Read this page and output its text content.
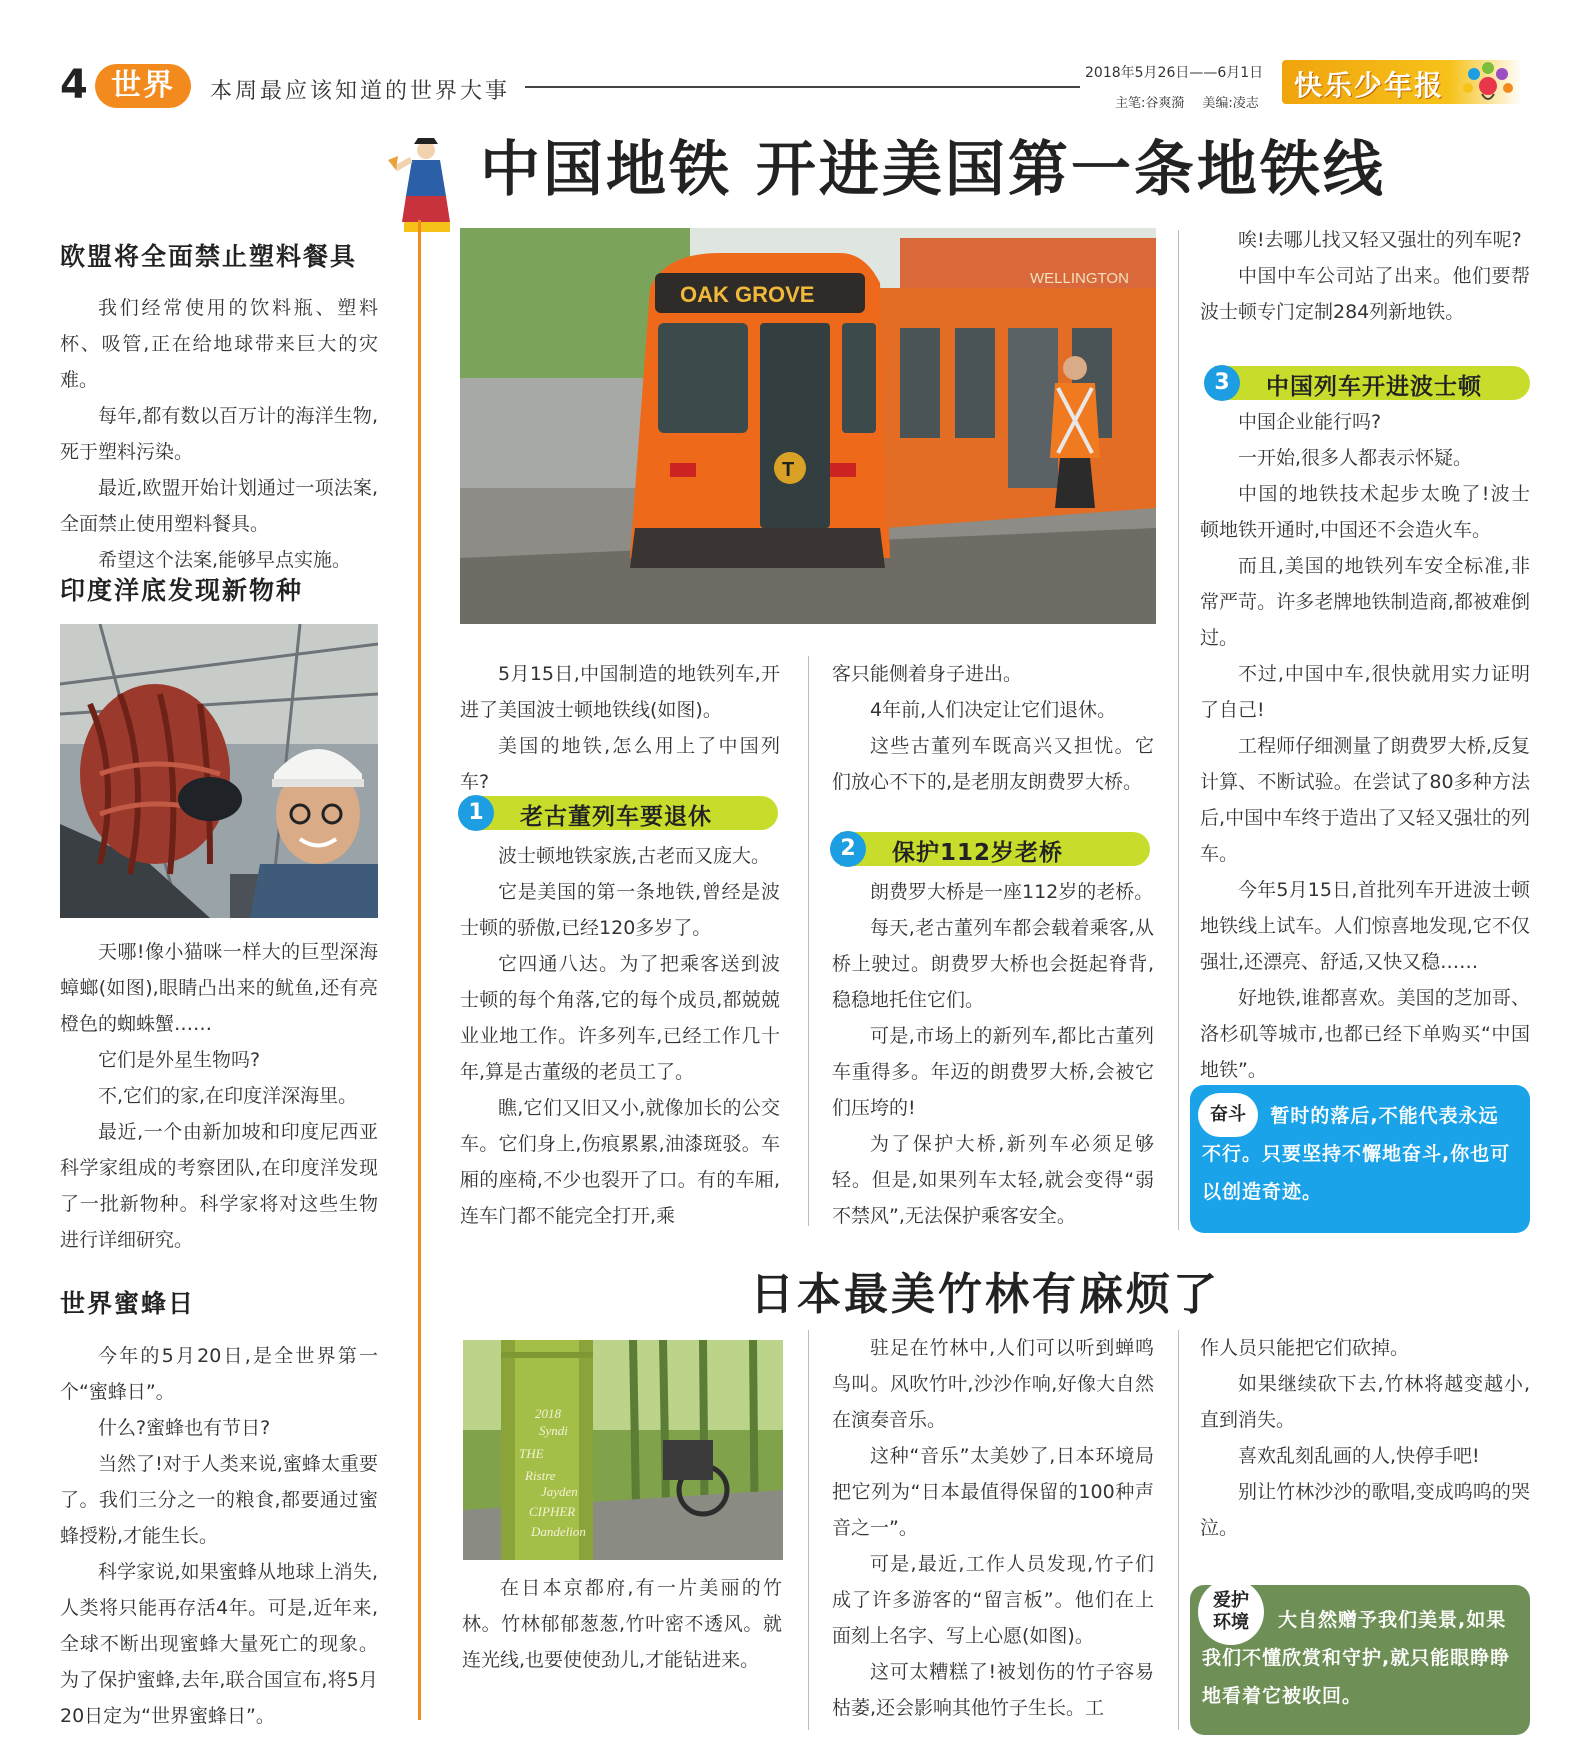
4 世界	本周最应该知道的世界大事
2018年5月26日——6月1日
主笔:谷爽漪 美编:凌志
快乐少年报
欧盟将全面禁止塑料餐具

我们经常使用的饮料瓶、塑料杯、吸管,正在给地球带来巨大的灾难。

每年,都有数以百万计的海洋生物,死于塑料污染。

最近,欧盟开始计划通过一项法案,全面禁止使用塑料餐具。

希望这个法案,能够早点实施。

印度洋底发现新物种

天哪!像小猫咪一样大的巨型深海蟑螂(如图),眼睛凸出来的鱿鱼,还有亮橙色的蜘蛛蟹……

它们是外星生物吗?

不,它们的家,在印度洋深海里。

最近,一个由新加坡和印度尼西亚科学家组成的考察团队,在印度洋发现了一批新物种。科学家将对这些生物进行详细研究。

世界蜜蜂日

今年的5月20日,是全世界第一个“蜜蜂日”。

什么?蜜蜂也有节日?

当然了!对于人类来说,蜜蜂太重要了。我们三分之一的粮食,都要通过蜜蜂授粉,才能生长。

科学家说,如果蜜蜂从地球上消失,人类将只能再存活4年。可是,近年来,全球不断出现蜜蜂大量死亡的现象。为了保护蜜蜂,去年,联合国宣布,将5月20日定为“世界蜜蜂日”。

中国地铁 开进美国第一条地铁线
WELLINGTON
OAK GROVE
T

5月15日,中国制造的地铁列车,开进了美国波士顿地铁线(如图)。

美国的地铁,怎么用上了中国列车?

1	老古董列车要退休

波士顿地铁家族,古老而又庞大。

它是美国的第一条地铁,曾经是波士顿的骄傲,已经120多岁了。

它四通八达。为了把乘客送到波士顿的每个角落,它的每个成员,都兢兢业业地工作。许多列车,已经工作几十年,算是古董级的老员工了。

瞧,它们又旧又小,就像加长的公交车。它们身上,伤痕累累,油漆斑驳。车厢的座椅,不少也裂开了口。有的车厢,连车门都不能完全打开,乘

客只能侧着身子进出。

4年前,人们决定让它们退休。

这些古董列车既高兴又担忧。它们放心不下的,是老朋友朗费罗大桥。

2	保护112岁老桥

朗费罗大桥是一座112岁的老桥。

每天,老古董列车都会载着乘客,从桥上驶过。朗费罗大桥也会挺起脊背,稳稳地托住它们。

可是,市场上的新列车,都比古董列车重得多。年迈的朗费罗大桥,会被它们压垮的!

为了保护大桥,新列车必须足够轻。但是,如果列车太轻,就会变得“弱不禁风”,无法保护乘客安全。

唉!去哪儿找又轻又强壮的列车呢?

中国中车公司站了出来。他们要帮波士顿专门定制284列新地铁。

3	中国列车开进波士顿

中国企业能行吗?

一开始,很多人都表示怀疑。

中国的地铁技术起步太晚了!波士顿地铁开通时,中国还不会造火车。

而且,美国的地铁列车安全标准,非常严苛。许多老牌地铁制造商,都被难倒过。

不过,中国中车,很快就用实力证明了自己!

工程师仔细测量了朗费罗大桥,反复计算、不断试验。在尝试了80多种方法后,中国中车终于造出了又轻又强壮的列车。

今年5月15日,首批列车开进波士顿地铁线上试车。人们惊喜地发现,它不仅强壮,还漂亮、舒适,又快又稳……

好地铁,谁都喜欢。美国的芝加哥、洛杉矶等城市,也都已经下单购买“中国地铁”。

奋斗	暂时的落后,不能代表永远不行。只要坚持不懈地奋斗,你也可以创造奇迹。
日本最美竹林有麻烦了
2018
Syndi
THE
Ristre
Jayden
CIPHER
Dandelion

在日本京都府,有一片美丽的竹林。竹林郁郁葱葱,竹叶密不透风。就连光线,也要使使劲儿,才能钻进来。

驻足在竹林中,人们可以听到蝉鸣鸟叫。风吹竹叶,沙沙作响,好像大自然在演奏音乐。

这种“音乐”太美妙了,日本环境局把它列为“日本最值得保留的100种声音之一”。

可是,最近,工作人员发现,竹子们成了许多游客的“留言板”。他们在上面刻上名字、写上心愿(如图)。

这可太糟糕了!被划伤的竹子容易枯萎,还会影响其他竹子生长。工

作人员只能把它们砍掉。

如果继续砍下去,竹林将越变越小,直到消失。

喜欢乱刻乱画的人,快停手吧!

别让竹林沙沙的歌唱,变成呜呜的哭泣。

爱护
环境	大自然赠予我们美景,如果我们不懂欣赏和守护,就只能眼睁睁地看着它被收回。
